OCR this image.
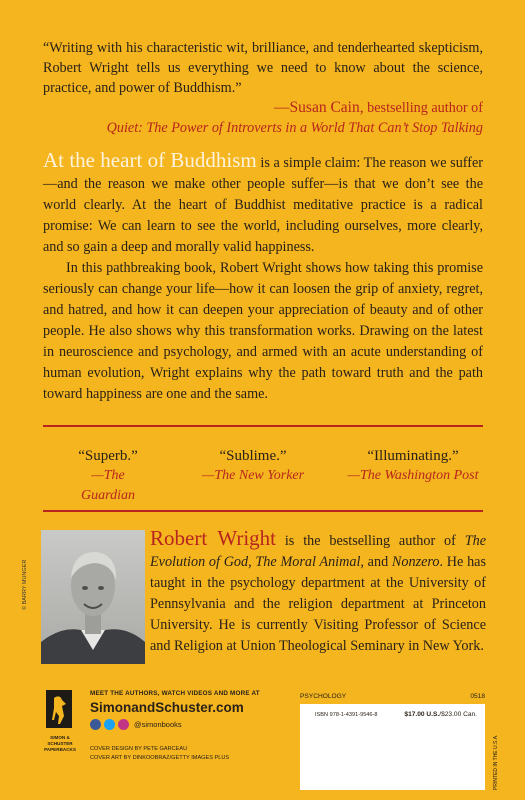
“Writing with his characteristic wit, brilliance, and tenderhearted skepticism, Robert Wright tells us everything we need to know about the science, practice, and power of Buddhism.”
—Susan Cain, bestselling author of
Quiet: The Power of Introverts in a World That Can’t Stop Talking

At the heart of Buddhism is a simple claim: The reason we suffer—and the reason we make other people suffer—is that we don’t see the world clearly. At the heart of Buddhist meditative practice is a radical promise: We can learn to see the world, including ourselves, more clearly, and so gain a deep and morally valid happiness.

In this pathbreaking book, Robert Wright shows how taking this promise seriously can change your life—how it can loosen the grip of anxiety, regret, and hatred, and how it can deepen your appreciation of beauty and of other people. He also shows why this transformation works. Drawing on the latest in neuroscience and psychology, and armed with an acute understanding of human evolution, Wright explains why the path toward truth and the path toward happiness are one and the same.

“Superb.”
—The Guardian
“Sublime.”
—The New Yorker
“Illuminating.”
—The Washington Post
© BARRY MUNGER
Robert Wright is the bestselling author of The Evolution of God, The Moral Animal, and Nonzero. He has taught in the psychology department at the University of Pennsylvania and the religion department at Princeton University. He is currently Visiting Professor of Science and Religion at Union Theological Seminary in New York.
SIMON &
SCHUSTER
PAPERBACKS
MEET THE AUTHORS, WATCH VIDEOS AND MORE AT
SimonandSchuster.com
@simonbooks
COVER DESIGN BY PETE GARCEAU
COVER ART BY DINKOOBRAZ/GETTY IMAGES PLUS
PSYCHOLOGY	0518
ISBN 978-1-4391-9546-8	$17.00 U.S./$23.00 Can.
PRINTED IN THE U.S.A.
